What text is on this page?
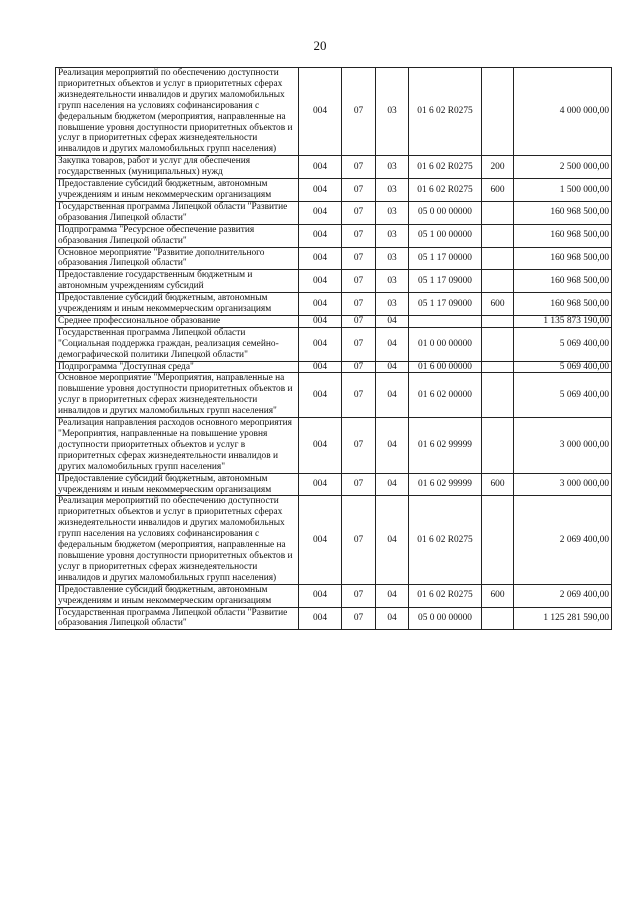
20
Реализация мероприятий по обеспечению доступности приоритетных объектов и услуг в приоритетных сферах жизнедеятельности инвалидов и других маломобильных групп населения на условиях софинансирования с федеральным бюджетом (мероприятия, направленные на повышение уровня доступности приоритетных объектов и услуг в приоритетных сферах жизнедеятельности инвалидов и других маломобильных групп населения)	004	07	03	01 6 02 R0275		4 000 000,00
Закупка товаров, работ и услуг для обеспечения государственных (муниципальных) нужд	004	07	03	01 6 02 R0275	200	2 500 000,00
Предоставление субсидий бюджетным, автономным учреждениям и иным некоммерческим организациям	004	07	03	01 6 02 R0275	600	1 500 000,00
Государственная программа Липецкой области "Развитие образования Липецкой области"	004	07	03	05 0 00 00000		160 968 500,00
Подпрограмма "Ресурсное обеспечение развития образования Липецкой области"	004	07	03	05 1 00 00000		160 968 500,00
Основное мероприятие "Развитие дополнительного образования Липецкой области"	004	07	03	05 1 17 00000		160 968 500,00
Предоставление государственным бюджетным и автономным учреждениям субсидий	004	07	03	05 1 17 09000		160 968 500,00
Предоставление субсидий бюджетным, автономным учреждениям и иным некоммерческим организациям	004	07	03	05 1 17 09000	600	160 968 500,00
Среднее профессиональное образование	004	07	04			1 135 873 190,00
Государственная программа Липецкой области "Социальная поддержка граждан, реализация семейно-демографической политики Липецкой области"	004	07	04	01 0 00 00000		5 069 400,00
Подпрограмма "Доступная среда"	004	07	04	01 6 00 00000		5 069 400,00
Основное мероприятие "Мероприятия, направленные на повышение уровня доступности приоритетных объектов и услуг в приоритетных сферах жизнедеятельности инвалидов и других маломобильных групп населения"	004	07	04	01 6 02 00000		5 069 400,00
Реализация направления расходов основного мероприятия "Мероприятия, направленные на повышение уровня доступности приоритетных объектов и услуг в приоритетных сферах жизнедеятельности инвалидов и других маломобильных групп населения"	004	07	04	01 6 02 99999		3 000 000,00
Предоставление субсидий бюджетным, автономным учреждениям и иным некоммерческим организациям	004	07	04	01 6 02 99999	600	3 000 000,00
Реализация мероприятий по обеспечению доступности приоритетных объектов и услуг в приоритетных сферах жизнедеятельности инвалидов и других маломобильных групп населения на условиях софинансирования с федеральным бюджетом (мероприятия, направленные на повышение уровня доступности приоритетных объектов и услуг в приоритетных сферах жизнедеятельности инвалидов и других маломобильных групп населения)	004	07	04	01 6 02 R0275		2 069 400,00
Предоставление субсидий бюджетным, автономным учреждениям и иным некоммерческим организациям	004	07	04	01 6 02 R0275	600	2 069 400,00
Государственная программа Липецкой области "Развитие образования Липецкой области"	004	07	04	05 0 00 00000		1 125 281 590,00
